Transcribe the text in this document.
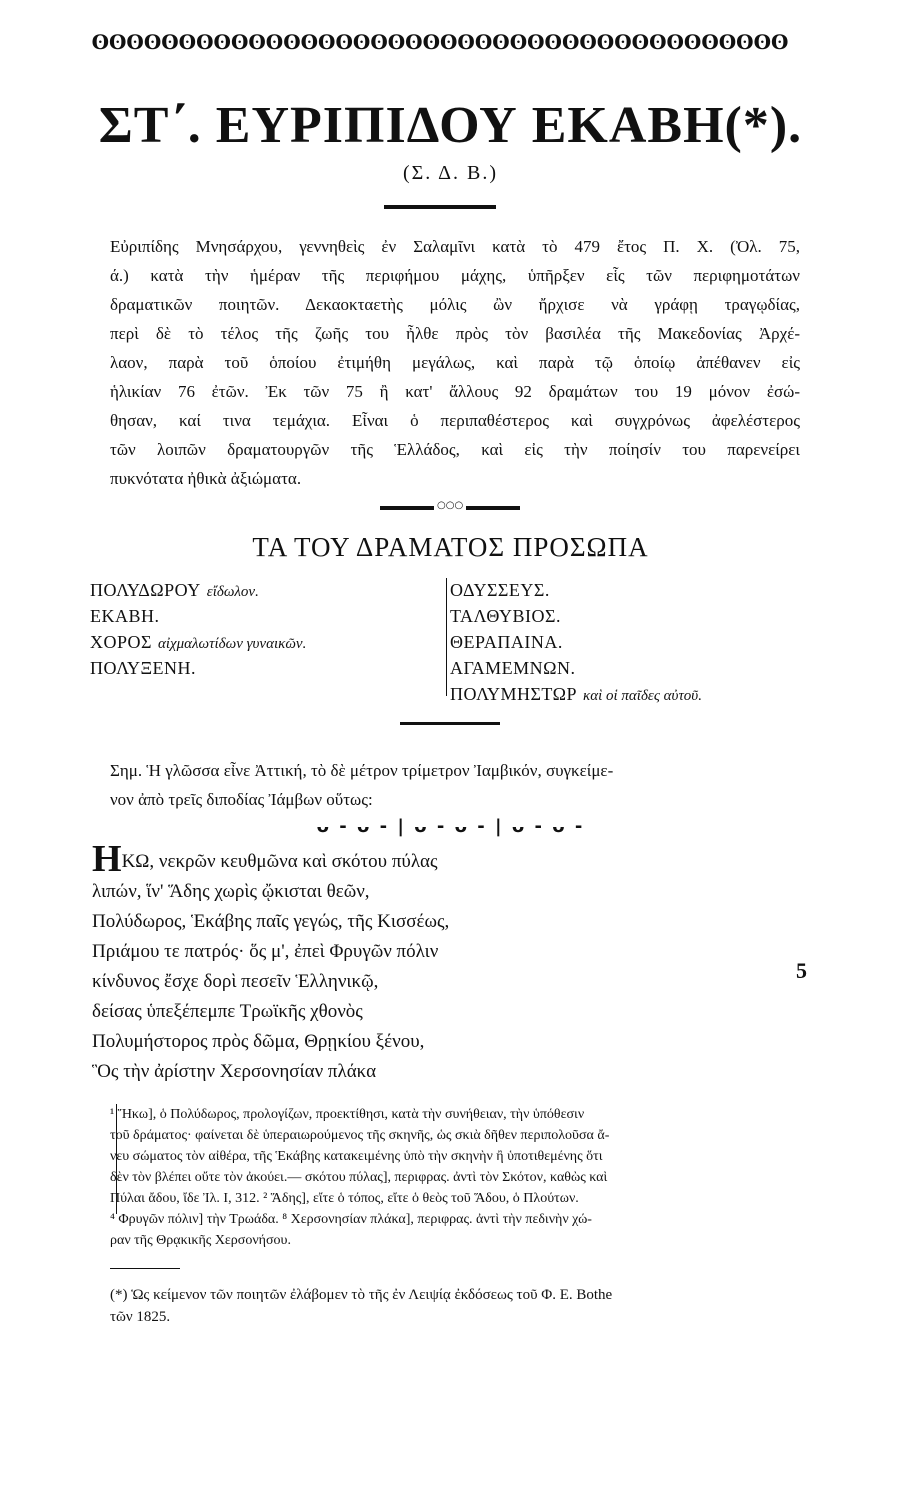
ʘʘʘʘʘʘʘʘʘʘʘʘʘʘʘʘʘʘʘʘʘʘʘʘʘʘʘʘʘʘʘʘʘʘʘʘʘʘʘʘ
ΣΤ΄. ΕΥΡΙΠΙΔΟΥ ΕΚΑΒΗ(*).
(Σ. Δ. Β.)
Εὐριπίδης Μνησάρχου, γεννηθεὶς ἐν Σαλαμῖνι κατὰ τὸ 479 ἔτος Π. Χ. (Ὀλ. 75,
ά.) κατὰ τὴν ἡμέραν τῆς περιφήμου μάχης, ὑπῆρξεν εἷς τῶν περιφημοτάτων
δραματικῶν ποιητῶν. Δεκαοκταετὴς μόλις ὢν ἤρχισε νὰ γράφῃ τραγῳδίας,
περὶ δὲ τὸ τέλος τῆς ζωῆς του ἦλθε πρὸς τὸν βασιλέα τῆς Μακεδονίας Ἀρχέ-
λαον, παρὰ τοῦ ὁποίου ἐτιμήθη μεγάλως, καὶ παρὰ τῷ ὁποίῳ ἀπέθανεν εἰς
ἡλικίαν 76 ἐτῶν. Ἐκ τῶν 75 ἢ κατ' ἄλλους 92 δραμάτων του 19 μόνον ἐσώ-
θησαν, καί τινα τεμάχια. Εἶναι ὁ περιπαθέστερος καὶ συγχρόνως ἀφελέστερος
τῶν λοιπῶν δραματουργῶν τῆς Ἑλλάδος, καὶ εἰς τὴν ποίησίν του παρενείρει
πυκνότατα ἠθικὰ ἀξιώματα.
○○○
ΤΑ ΤΟΥ ΔΡΑΜΑΤΟΣ ΠΡΟΣΩΠΑ
ΠΟΛΥΔΩΡΟΥ εἴδωλον.
ΕΚΑΒΗ.
ΧΟΡΟΣ αἰχμαλωτίδων γυναικῶν.
ΠΟΛΥΞΕΝΗ.
ΟΔΥΣΣΕΥΣ.
ΤΑΛΘΥΒΙΟΣ.
ΘΕΡΑΠΑΙΝΑ.
ΑΓΑΜΕΜΝΩΝ.
ΠΟΛΥΜΗΣΤΩΡ καὶ οἱ παῖδες αὐτοῦ.
Σημ. Ἡ γλῶσσα εἶνε Ἀττική, τὸ δὲ μέτρον τρίμετρον Ἰαμβικόν, συγκείμε-
νον ἀπὸ τρεῖς διποδίας Ἰάμβων οὕτως:
ᴗ - ᴗ - | ᴗ - ᴗ - | ᴗ - ᴗ -
ΗΚΩ, νεκρῶν κευθμῶνα καὶ σκότου πύλας
λιπών, ἵν' Ἅδης χωρὶς ᾤκισται θεῶν,
Πολύδωρος, Ἑκάβης παῖς γεγώς, τῆς Κισσέως,
Πριάμου τε πατρός· ὅς μ', ἐπεὶ Φρυγῶν πόλιν
κίνδυνος ἔσχε δορὶ πεσεῖν Ἑλληνικῷ,
δείσας ὑπεξέπεμπε Τρωϊκῆς χθονὸς
Πολυμήστορος πρὸς δῶμα, Θρῃκίου ξένου,
Ὃς τὴν ἀρίστην Χερσονησίαν πλάκα
5
¹ Ἥκω], ὁ Πολύδωρος, προλογίζων, προεκτίθησι, κατὰ τὴν συνήθειαν, τὴν ὑπόθεσιν
τοῦ δράματος· φαίνεται δὲ ὑπεραιωρούμενος τῆς σκηνῆς, ὡς σκιὰ δῆθεν περιπολοῦσα ἄ-
νευ σώματος τὸν αἰθέρα, τῆς Ἑκάβης κατακειμένης ὑπὸ τὴν σκηνὴν ἢ ὑποτιθεμένης ὅτι
δὲν τὸν βλέπει οὔτε τὸν ἀκούει.— σκότου πύλας], περιφρας. ἀντὶ τὸν Σκότον, καθὼς καὶ
Πύλαι ἄδου, ἴδε Ἰλ. I, 312. ² Ἅδης], εἴτε ὁ τόπος, εἴτε ὁ θεὸς τοῦ Ἅδου, ὁ Πλούτων.
⁴ Φρυγῶν πόλιν] τὴν Τρωάδα. ⁸ Χερσονησίαν πλάκα], περιφρας. ἀντὶ τὴν πεδινὴν χώ-
ραν τῆς Θρᾳκικῆς Χερσονήσου.
(*) Ὡς κείμενον τῶν ποιητῶν ἐλάβομεν τὸ τῆς ἐν Λειψίᾳ ἐκδόσεως τοῦ Φ. Ε. Bothe
τῶν 1825.
